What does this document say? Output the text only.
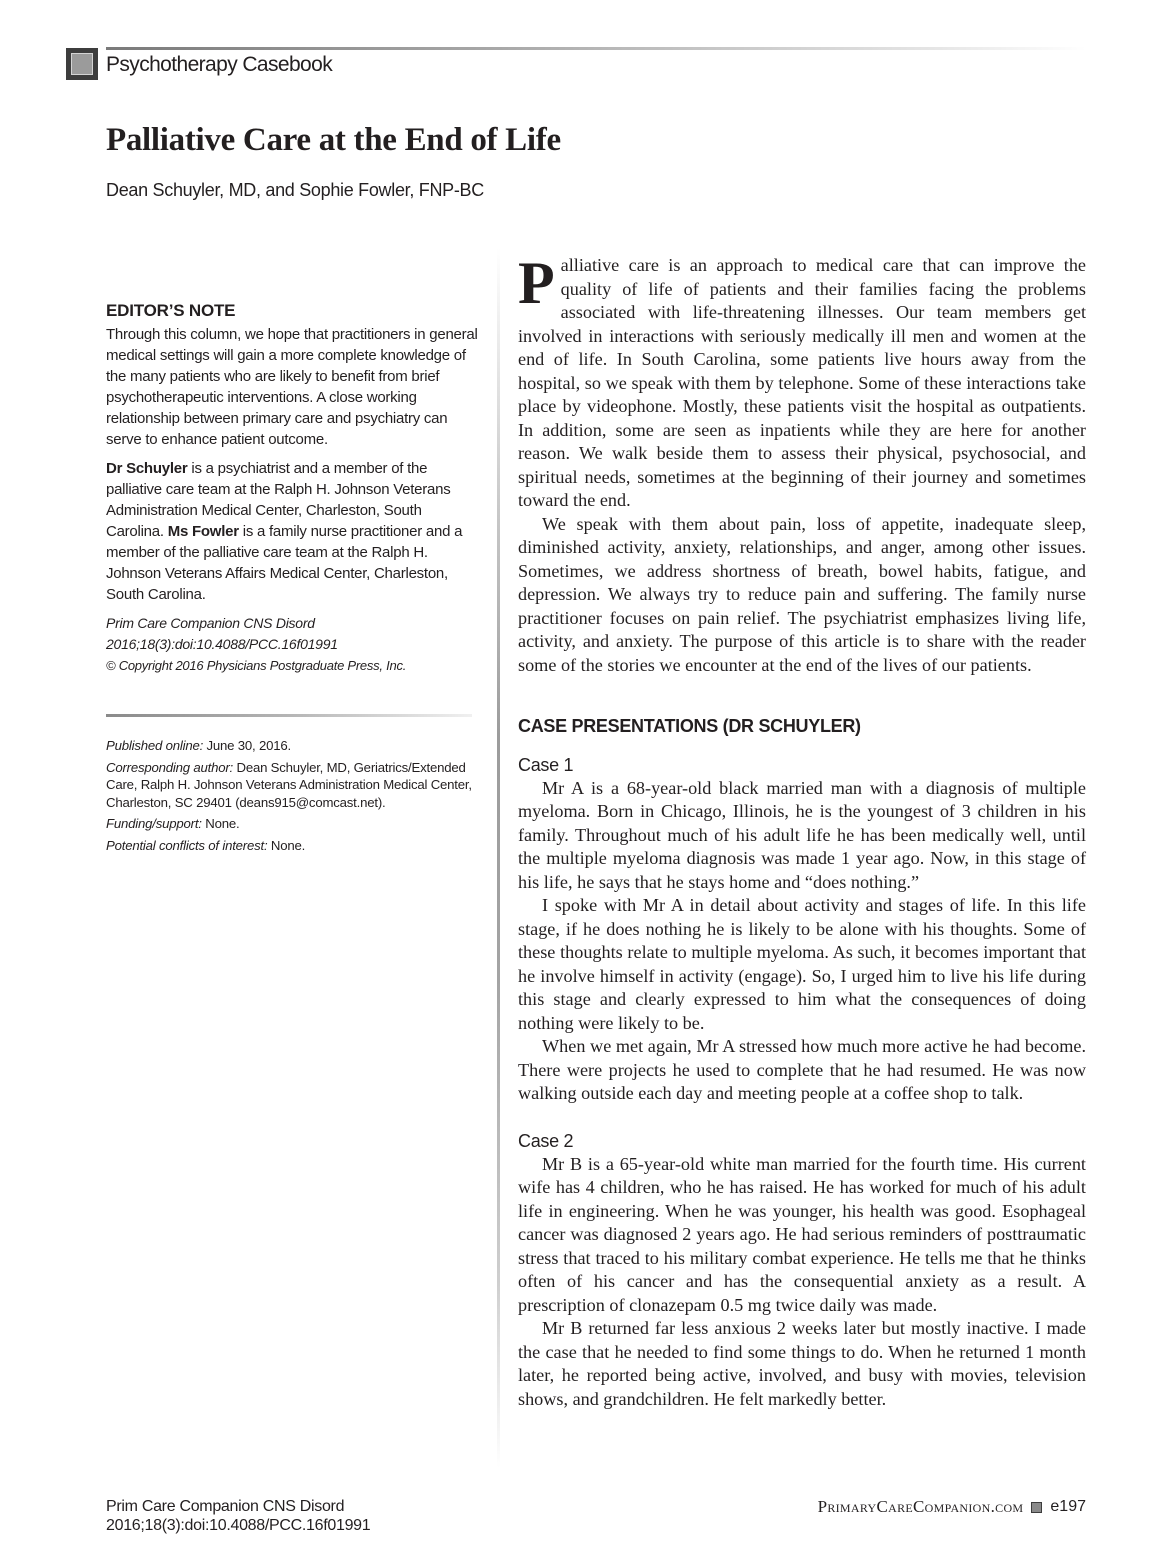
Psychotherapy Casebook
Palliative Care at the End of Life
Dean Schuyler, MD, and Sophie Fowler, FNP-BC
EDITOR’S NOTE

Through this column, we hope that practitioners in general medical settings will gain a more complete knowledge of the many patients who are likely to benefit from brief psychotherapeutic interventions. A close working relationship between primary care and psychiatry can serve to enhance patient outcome.

Dr Schuyler is a psychiatrist and a member of the palliative care team at the Ralph H. Johnson Veterans Administration Medical Center, Charleston, South Carolina. Ms Fowler is a family nurse practitioner and a member of the palliative care team at the Ralph H. Johnson Veterans Affairs Medical Center, Charleston, South Carolina.

Prim Care Companion CNS Disord
2016;18(3):doi:10.4088/PCC.16f01991
© Copyright 2016 Physicians Postgraduate Press, Inc.

Published online: June 30, 2016.

Corresponding author: Dean Schuyler, MD, Geriatrics/Extended Care, Ralph H. Johnson Veterans Administration Medical Center, Charleston, SC 29401 (deans915@comcast.net).

Funding/support: None.

Potential conflicts of interest: None.

Palliative care is an approach to medical care that can improve the quality of life of patients and their families facing the problems associated with life-threatening illnesses. Our team members get involved in interactions with seriously medically ill men and women at the end of life. In South Carolina, some patients live hours away from the hospital, so we speak with them by telephone. Some of these interactions take place by videophone. Mostly, these patients visit the hospital as outpatients. In addition, some are seen as inpatients while they are here for another reason. We walk beside them to assess their physical, psychosocial, and spiritual needs, sometimes at the beginning of their journey and sometimes toward the end.

We speak with them about pain, loss of appetite, inadequate sleep, diminished activity, anxiety, relationships, and anger, among other issues. Sometimes, we address shortness of breath, bowel habits, fatigue, and depression. We always try to reduce pain and suffering. The family nurse practitioner focuses on pain relief. The psychiatrist emphasizes living life, activity, and anxiety. The purpose of this article is to share with the reader some of the stories we encounter at the end of the lives of our patients.

CASE PRESENTATIONS (DR SCHUYLER)
Case 1

Mr A is a 68-year-old black married man with a diagnosis of multiple myeloma. Born in Chicago, Illinois, he is the youngest of 3 children in his family. Throughout much of his adult life he has been medically well, until the multiple myeloma diagnosis was made 1 year ago. Now, in this stage of his life, he says that he stays home and “does nothing.”

I spoke with Mr A in detail about activity and stages of life. In this life stage, if he does nothing he is likely to be alone with his thoughts. Some of these thoughts relate to multiple myeloma. As such, it becomes important that he involve himself in activity (engage). So, I urged him to live his life during this stage and clearly expressed to him what the consequences of doing nothing were likely to be.

When we met again, Mr A stressed how much more active he had become. There were projects he used to complete that he had resumed. He was now walking outside each day and meeting people at a coffee shop to talk.

Case 2

Mr B is a 65-year-old white man married for the fourth time. His current wife has 4 children, who he has raised. He has worked for much of his adult life in engineering. When he was younger, his health was good. Esophageal cancer was diagnosed 2 years ago. He had serious reminders of posttraumatic stress that traced to his military combat experience. He tells me that he thinks often of his cancer and has the consequential anxiety as a result. A prescription of clonazepam 0.5 mg twice daily was made.

Mr B returned far less anxious 2 weeks later but mostly inactive. I made the case that he needed to find some things to do. When he returned 1 month later, he reported being active, involved, and busy with movies, television shows, and grandchildren. He felt markedly better.

Prim Care Companion CNS Disord
2016;18(3):doi:10.4088/PCC.16f01991
PrimaryCareCompanion.com e197
